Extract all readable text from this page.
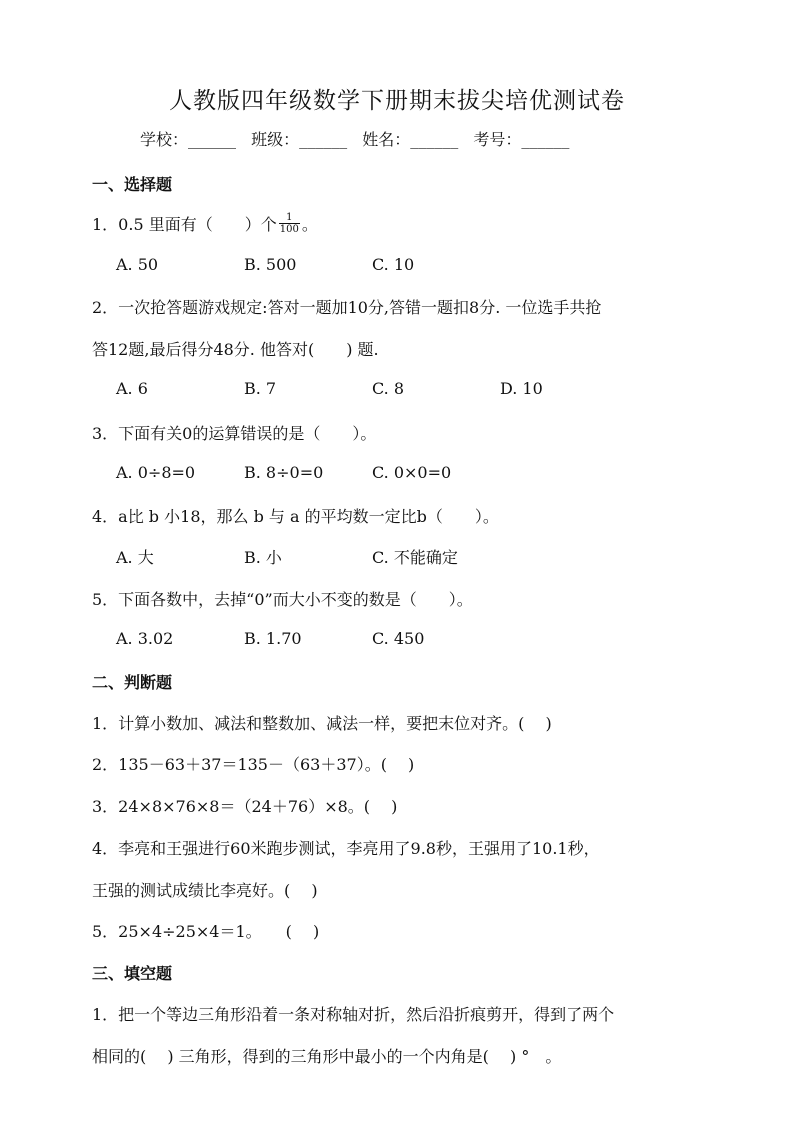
人教版四年级数学下册期末拔尖培优测试卷
学校：______ 班级：______ 姓名：______ 考号：______
一、选择题
1．0.5 里面有（　　）个 $\frac{1}{100}$ 。
A. 50	B. 500	C. 10
2．一次抢答题游戏规定:答对一题加10分,答错一题扣8分. 一位选手共抢
答12题,最后得分48分. 他答对(　　) 题.
A. 6	B. 7	C. 8	D. 10
3．下面有关0的运算错误的是（　　）。
A. 0÷8=0	B. 8÷0=0	C. 0×0=0
4．a比 b 小18，那么 b 与 a 的平均数一定比b（　　）。
A. 大	B. 小	C. 不能确定
5．下面各数中，去掉“0”而大小不变的数是（　　）。
A. 3.02	B. 1.70	C. 450
二、判断题
1．计算小数加、减法和整数加、减法一样，要把末位对齐。(　 )
2．135－63＋37＝135－（63＋37）。(　 )
3．24×8×76×8＝（24＋76）×8。(　 )
4．李亮和王强进行60米跑步测试，李亮用了9.8秒，王强用了10.1秒，
王强的测试成绩比李亮好。(　 )
5．25×4÷25×4＝1。　　(　 )
三、填空题
1．把一个等边三角形沿着一条对称轴对折，然后沿折痕剪开，得到了两个
相同的(　 ) 三角形，得到的三角形中最小的一个内角是(　 ) °　。
